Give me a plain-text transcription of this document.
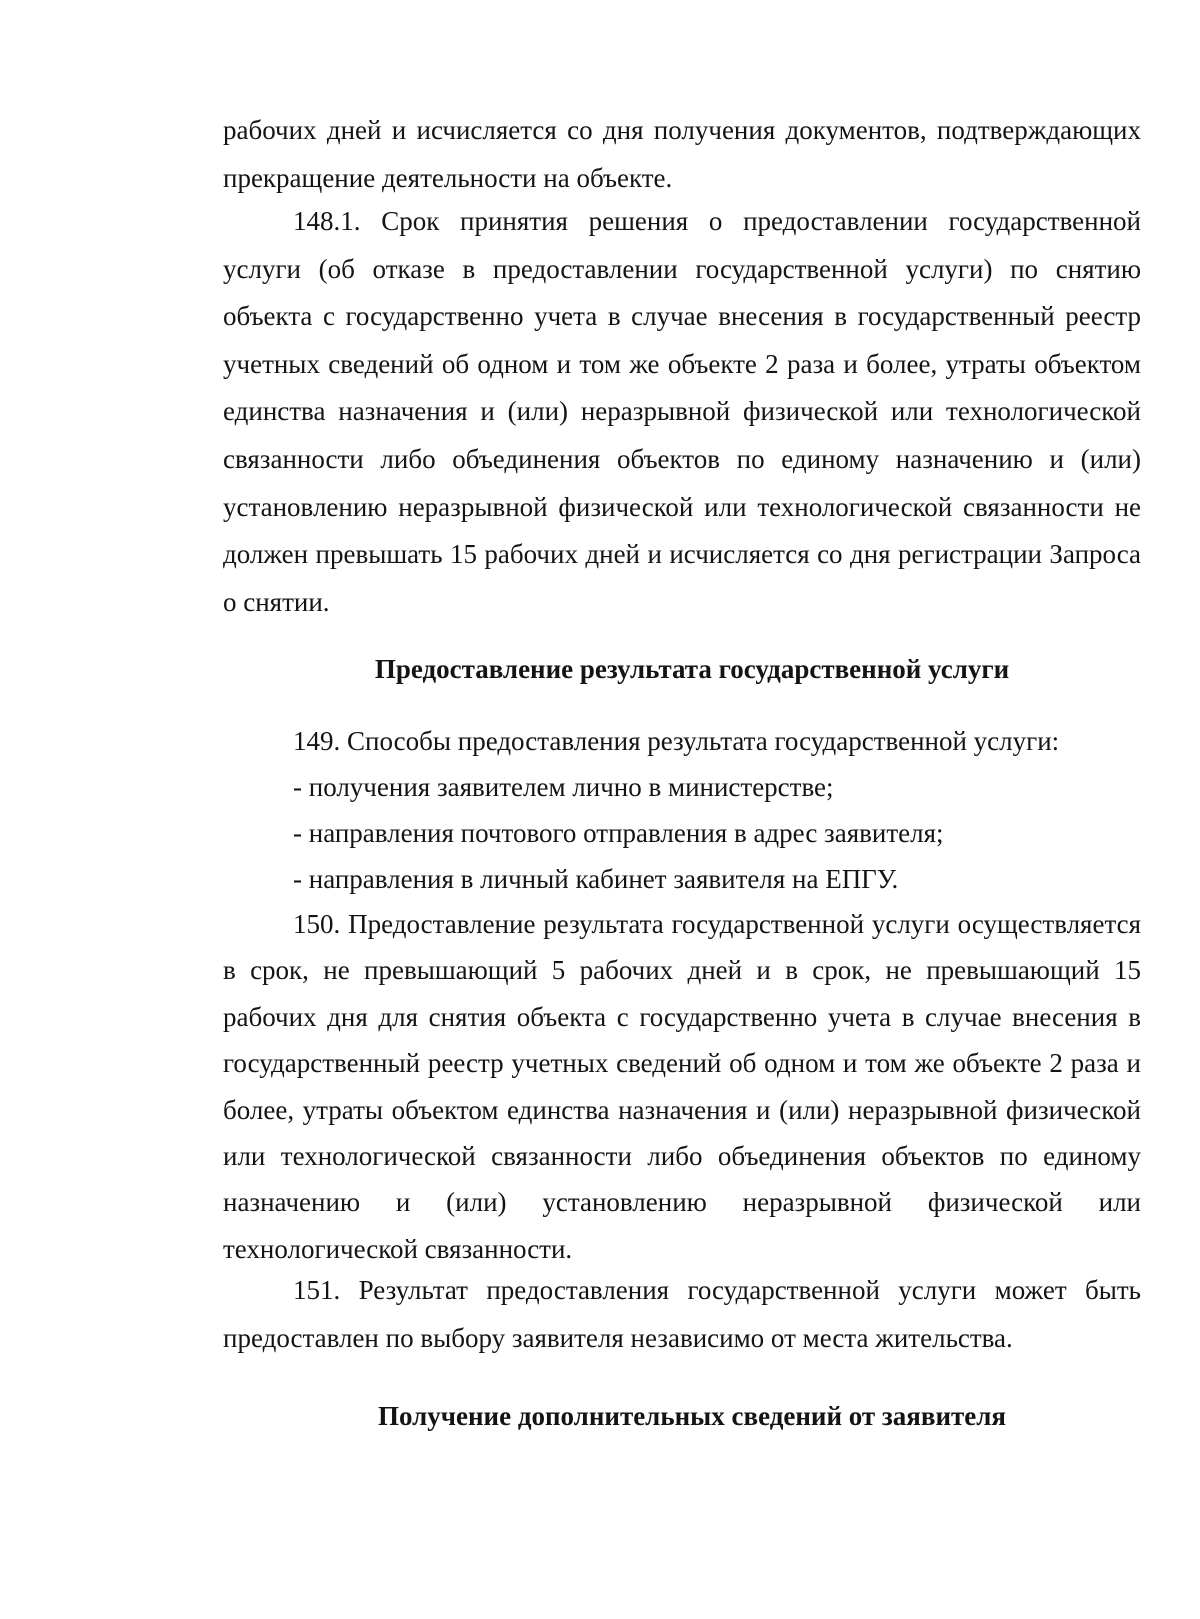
рабочих дней и исчисляется со дня получения документов, подтверждающих прекращение деятельности на объекте.

148.1. Срок принятия решения о предоставлении государственной услуги (об отказе в предоставлении государственной услуги) по снятию объекта с государственно учета в случае внесения в государственный реестр учетных сведений об одном и том же объекте 2 раза и более, утраты объектом единства назначения и (или) неразрывной физической или технологической связанности либо объединения объектов по единому назначению и (или) установлению неразрывной физической или технологической связанности не должен превышать 15 рабочих дней и исчисляется со дня регистрации Запроса о снятии.

Предоставление результата государственной услуги

149. Способы предоставления результата государственной услуги:

- получения заявителем лично в министерстве;

- направления почтового отправления в адрес заявителя;

- направления в личный кабинет заявителя на ЕПГУ.

150. Предоставление результата государственной услуги осуществляется в срок, не превышающий 5 рабочих дней и в срок, не превышающий 15 рабочих дня для снятия объекта с государственно учета в случае внесения в государственный реестр учетных сведений об одном и том же объекте 2 раза и более, утраты объектом единства назначения и (или) неразрывной физической или технологической связанности либо объединения объектов по единому назначению и (или) установлению неразрывной физической или технологической связанности.

151. Результат предоставления государственной услуги может быть предоставлен по выбору заявителя независимо от места жительства.

Получение дополнительных сведений от заявителя
